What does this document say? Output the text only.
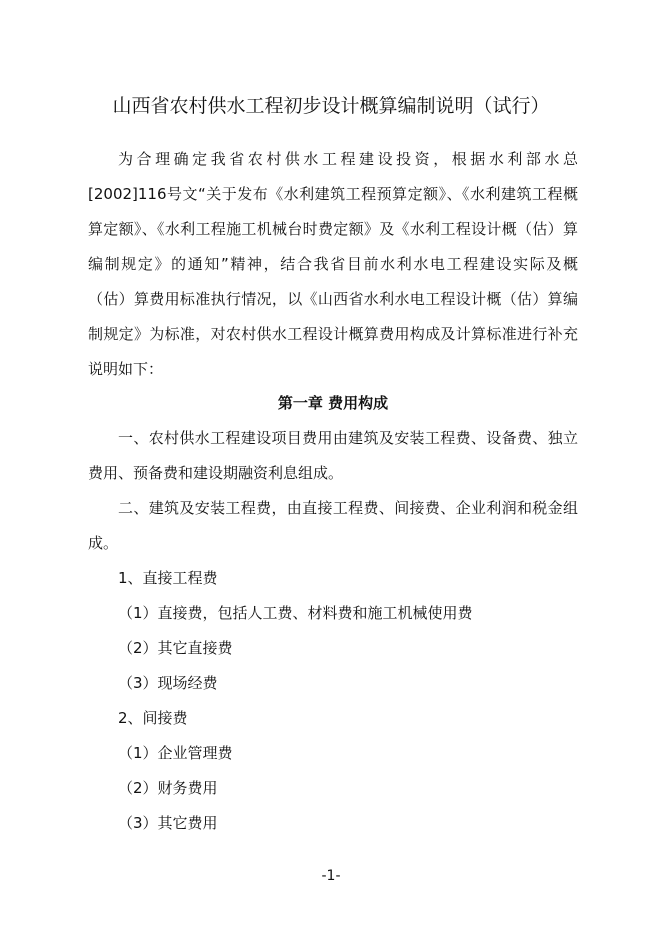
山西省农村供水工程初步设计概算编制说明（试行）
为合理确定我省农村供水工程建设投资，根据水利部水总
[2002]116号文“关于发布《水利建筑工程预算定额》、《水利建筑工程概
算定额》、《水利工程施工机械台时费定额》及《水利工程设计概（估）算
编制规定》的通知”精神，结合我省目前水利水电工程建设实际及概
（估）算费用标准执行情况，以《山西省水利水电工程设计概（估）算编
制规定》为标准，对农村供水工程设计概算费用构成及计算标准进行补充
说明如下：
第一章 费用构成
一、农村供水工程建设项目费用由建筑及安装工程费、设备费、独立
费用、预备费和建设期融资利息组成。
二、建筑及安装工程费，由直接工程费、间接费、企业利润和税金组
成。
1、直接工程费
（1）直接费，包括人工费、材料费和施工机械使用费
（2）其它直接费
（3）现场经费
2、间接费
（1）企业管理费
（2）财务费用
（3）其它费用
-1-
